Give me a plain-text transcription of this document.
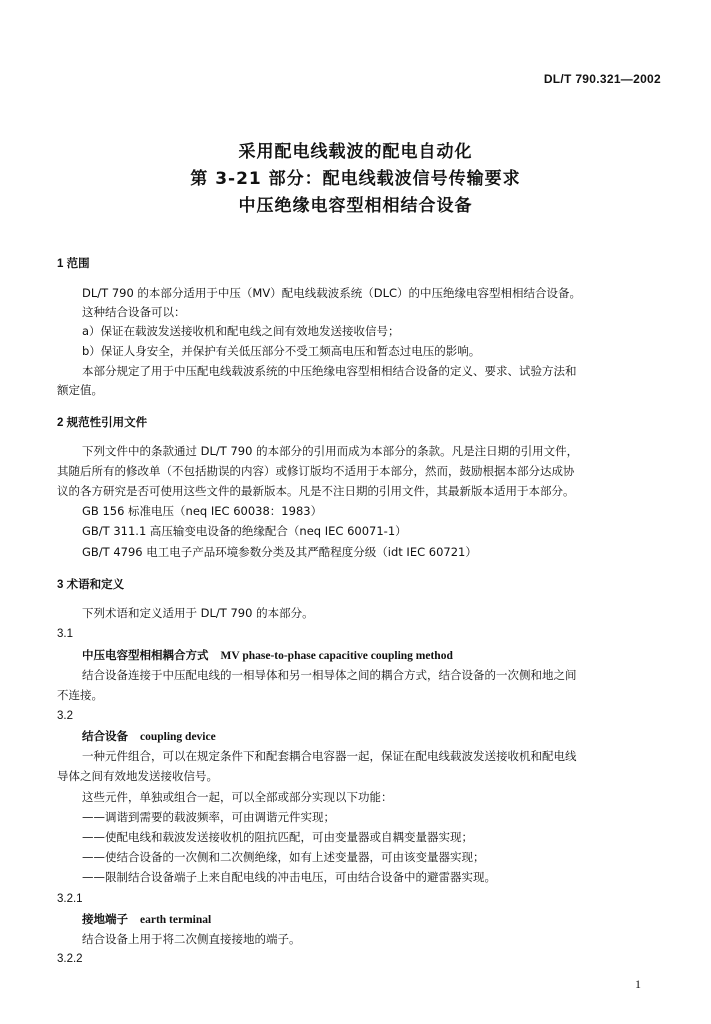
DL/T 790.321—2002
采用配电线载波的配电自动化
第 3-21 部分：配电线载波信号传输要求
中压绝缘电容型相相结合设备
1 范围
DL/T 790 的本部分适用于中压（MV）配电线载波系统（DLC）的中压绝缘电容型相相结合设备。
这种结合设备可以：
a）保证在载波发送接收机和配电线之间有效地发送接收信号；
b）保证人身安全，并保护有关低压部分不受工频高电压和暂态过电压的影响。
本部分规定了用于中压配电线载波系统的中压绝缘电容型相相结合设备的定义、要求、试验方法和
额定值。
2 规范性引用文件
下列文件中的条款通过 DL/T 790 的本部分的引用而成为本部分的条款。凡是注日期的引用文件，
其随后所有的修改单（不包括勘误的内容）或修订版均不适用于本部分，然而，鼓励根据本部分达成协
议的各方研究是否可使用这些文件的最新版本。凡是不注日期的引用文件，其最新版本适用于本部分。
GB 156 标准电压（neq IEC 60038：1983）
GB/T 311.1 高压输变电设备的绝缘配合（neq IEC 60071-1）
GB/T 4796 电工电子产品环境参数分类及其严酷程度分级（idt IEC 60721）
3 术语和定义
下列术语和定义适用于 DL/T 790 的本部分。
3.1
中压电容型相相耦合方式 MV phase-to-phase capacitive coupling method
结合设备连接于中压配电线的一相导体和另一相导体之间的耦合方式，结合设备的一次侧和地之间
不连接。
3.2
结合设备 coupling device
一种元件组合，可以在规定条件下和配套耦合电容器一起，保证在配电线载波发送接收机和配电线
导体之间有效地发送接收信号。
这些元件，单独或组合一起，可以全部或部分实现以下功能：
——调谐到需要的载波频率，可由调谐元件实现；
——使配电线和载波发送接收机的阻抗匹配，可由变量器或自耦变量器实现；
——使结合设备的一次侧和二次侧绝缘，如有上述变量器，可由该变量器实现；
——限制结合设备端子上来自配电线的冲击电压，可由结合设备中的避雷器实现。
3.2.1
接地端子 earth terminal
结合设备上用于将二次侧直接接地的端子。
3.2.2
1
